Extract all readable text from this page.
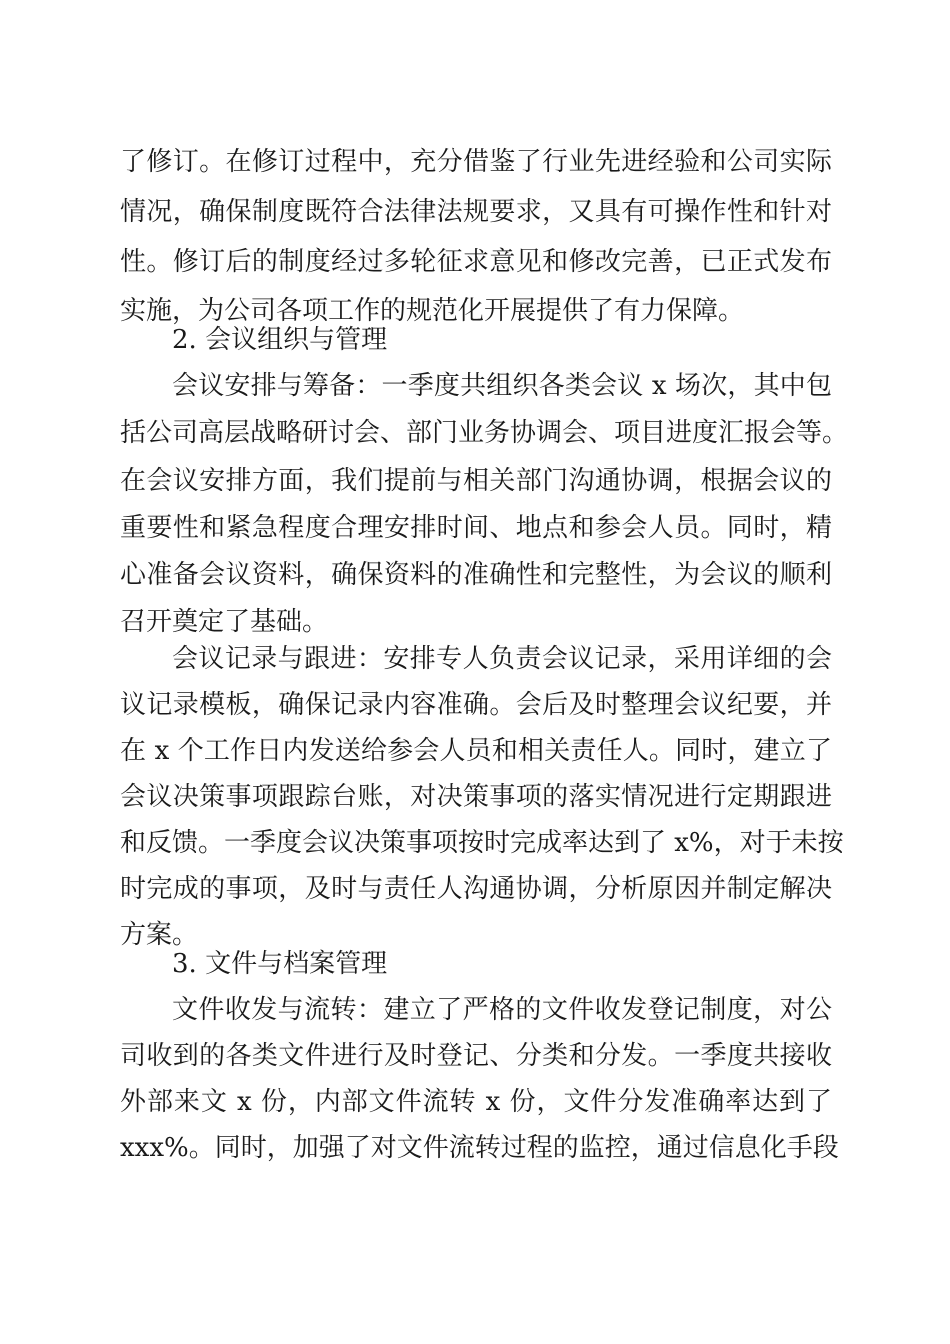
了修订。在修订过程中，充分借鉴了行业先进经验和公司实际
情况，确保制度既符合法律法规要求，又具有可操作性和针对
性。修订后的制度经过多轮征求意见和修改完善，已正式发布
实施，为公司各项工作的规范化开展提供了有力保障。
2. 会议组织与管理
会议安排与筹备：一季度共组织各类会议 x 场次，其中包
括公司高层战略研讨会、部门业务协调会、项目进度汇报会等。
在会议安排方面，我们提前与相关部门沟通协调，根据会议的
重要性和紧急程度合理安排时间、地点和参会人员。同时，精
心准备会议资料，确保资料的准确性和完整性，为会议的顺利
召开奠定了基础。
会议记录与跟进：安排专人负责会议记录，采用详细的会
议记录模板，确保记录内容准确。会后及时整理会议纪要，并
在 x 个工作日内发送给参会人员和相关责任人。同时，建立了
会议决策事项跟踪台账，对决策事项的落实情况进行定期跟进
和反馈。一季度会议决策事项按时完成率达到了 x%，对于未按
时完成的事项，及时与责任人沟通协调，分析原因并制定解决
方案。
3. 文件与档案管理
文件收发与流转：建立了严格的文件收发登记制度，对公
司收到的各类文件进行及时登记、分类和分发。一季度共接收
外部来文 x 份，内部文件流转 x 份，文件分发准确率达到了
xxx%。同时，加强了对文件流转过程的监控，通过信息化手段
